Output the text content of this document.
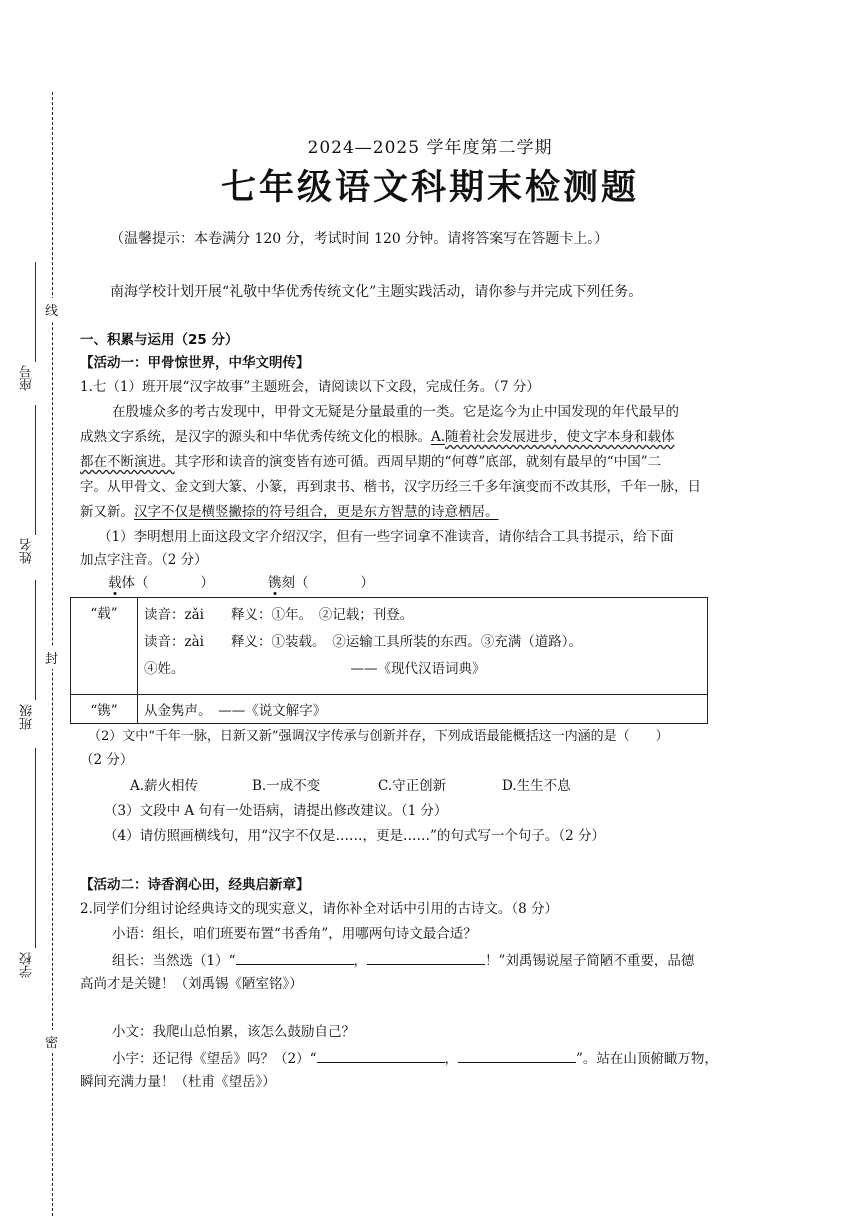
座号
姓名
班级
学校
线
封
密
2024—2025 学年度第二学期
七年级语文科期末检测题
（温馨提示：本卷满分 120 分，考试时间 120 分钟。请将答案写在答题卡上。）
南海学校计划开展“礼敬中华优秀传统文化”主题实践活动，请你参与并完成下列任务。
一、积累与运用（25 分）
【活动一：甲骨惊世界，中华文明传】
1.七（1）班开展“汉字故事”主题班会，请阅读以下文段，完成任务。（7 分）
在殷墟众多的考古发现中，甲骨文无疑是分量最重的一类。它是迄今为止中国发现的年代最早的
成熟文字系统，是汉字的源头和中华优秀传统文化的根脉。A.随着社会发展进步，使文字本身和载体
都在不断演进。其字形和读音的演变皆有迹可循。西周早期的“何尊”底部，就刻有最早的“中国”二
字。从甲骨文、金文到大篆、小篆，再到隶书、楷书，汉字历经三千多年演变而不改其形，千年一脉，日
新又新。汉字不仅是横竖撇捺的符号组合，更是东方智慧的诗意栖居。
（1）李明想用上面这段文字介绍汉字，但有一些字词拿不准读音，请你结合工具书提示，给下面
加点字注音。（2 分）
载体（	）	镌刻（	）
“载”	读音：zǎi　　释义：①年。　②记载；刊登。
读音：zài　　释义：①装载。　②运输工具所装的东西。③充满（道路）。
④姓。 ——《现代汉语词典》

“镌”	从金隽声。　——《说文解字》
（2）文中“千年一脉，日新又新”强调汉字传承与创新并存，下列成语最能概括这一内涵的是（　　）
（2 分）
A.薪火相传	B.一成不变	C.守正创新	D.生生不息
（3）文段中 A 句有一处语病，请提出修改建议。（1 分）
（4）请仿照画横线句，用“汉字不仅是……，更是……”的句式写一个句子。（2 分）
【活动二：诗香润心田，经典启新章】
2.同学们分组讨论经典诗文的现实意义，请你补全对话中引用的古诗文。（8 分）
小语：组长，咱们班要布置“书香角”，用哪两句诗文最合适？
组长：当然选（1）“	，	！”刘禹锡说屋子简陋不重要，品德
高尚才是关键！（刘禹锡《陋室铭》）
小文：我爬山总怕累，该怎么鼓励自己？
小宇：还记得《望岳》吗？（2）“	，	”。站在山顶俯瞰万物，
瞬间充满力量！（杜甫《望岳》）
